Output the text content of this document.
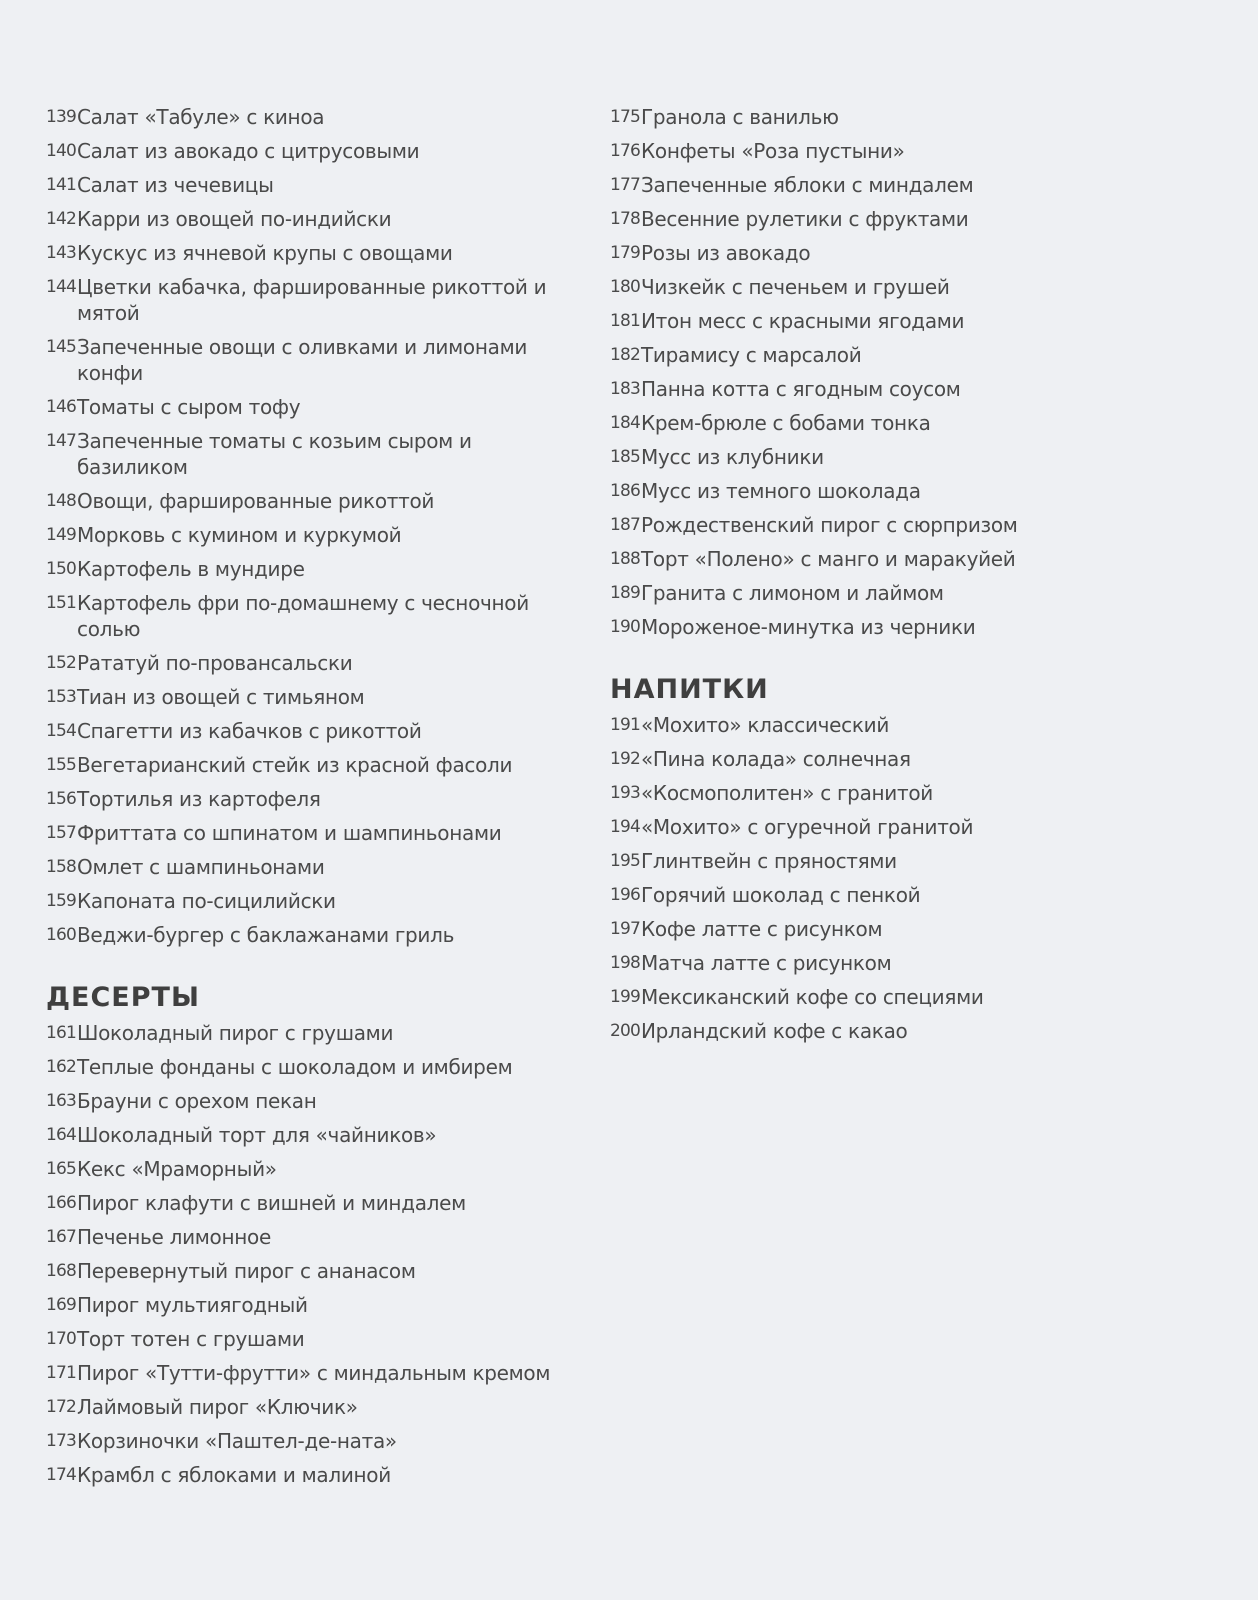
139 Салат «Табуле» с киноа
140 Салат из авокадо с цитрусовыми
141 Салат из чечевицы
142 Карри из овощей по-индийски
143 Кускус из ячневой крупы с овощами
144 Цветки кабачка, фаршированные рикоттой и мятой
145 Запеченные овощи с оливками и лимонами конфи
146 Томаты с сыром тофу
147 Запеченные томаты с козьим сыром и базиликом
148 Овощи, фаршированные рикоттой
149 Морковь с кумином и куркумой
150 Картофель в мундире
151 Картофель фри по-домашнему с чесночной солью
152 Рататуй по-провансальски
153 Тиан из овощей с тимьяном
154 Спагетти из кабачков с рикоттой
155 Вегетарианский стейк из красной фасоли
156 Тортилья из картофеля
157 Фриттата со шпинатом и шампиньонами
158 Омлет с шампиньонами
159 Капоната по-сицилийски
160 Веджи-бургер с баклажанами гриль
ДЕСЕРТЫ
161 Шоколадный пирог с грушами
162 Теплые фонданы с шоколадом и имбирем
163 Брауни с орехом пекан
164 Шоколадный торт для «чайников»
165 Кекс «Мраморный»
166 Пирог клафути с вишней и миндалем
167 Печенье лимонное
168 Перевернутый пирог с ананасом
169 Пирог мультиягодный
170 Торт тотен с грушами
171 Пирог «Тутти-фрутти» с миндальным кремом
172 Лаймовый пирог «Ключик»
173 Корзиночки «Паштел-де-ната»
174 Крамбл с яблоками и малиной
175 Гранола с ванилью
176 Конфеты «Роза пустыни»
177 Запеченные яблоки с миндалем
178 Весенние рулетики с фруктами
179 Розы из авокадо
180 Чизкейк с печеньем и грушей
181 Итон месс с красными ягодами
182 Тирамису с марсалой
183 Панна котта с ягодным соусом
184 Крем-брюле с бобами тонка
185 Мусс из клубники
186 Мусс из темного шоколада
187 Рождественский пирог с сюрпризом
188 Торт «Полено» с манго и маракуйей
189 Гранита с лимоном и лаймом
190 Мороженое-минутка из черники
НАПИТКИ
191 «Мохито» классический
192 «Пина колада» солнечная
193 «Космополитен» с гранитой
194 «Мохито» с огуречной гранитой
195 Глинтвейн с пряностями
196 Горячий шоколад с пенкой
197 Кофе латте с рисунком
198 Матча латте с рисунком
199 Мексиканский кофе со специями
200 Ирландский кофе с какао
